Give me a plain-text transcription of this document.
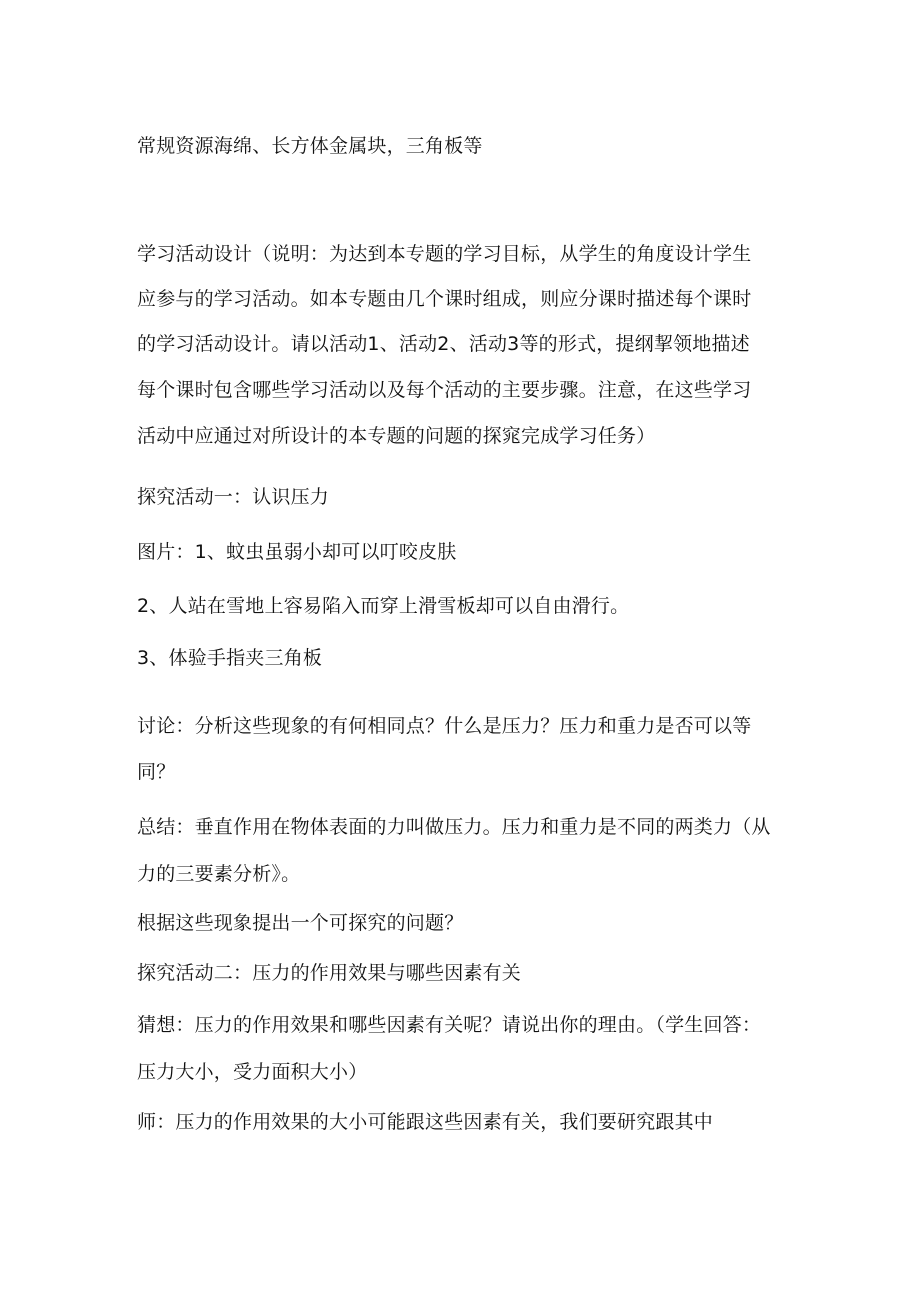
常规资源海绵、长方体金属块，三角板等
学习活动设计（说明：为达到本专题的学习目标，从学生的角度设计学生
应参与的学习活动。如本专题由几个课时组成，则应分课时描述每个课时
的学习活动设计。请以活动1、活动2、活动3等的形式，提纲挈领地描述
每个课时包含哪些学习活动以及每个活动的主要步骤。注意，在这些学习
活动中应通过对所设计的本专题的问题的探窕完成学习任务）
探究活动一：认识压力
图片：1、蚊虫虽弱小却可以叮咬皮肤
2、人站在雪地上容易陷入而穿上滑雪板却可以自由滑行。
3、体验手指夹三角板
讨论：分析这些现象的有何相同点？什么是压力？压力和重力是否可以等
同？
总结：垂直作用在物体表面的力叫做压力。压力和重力是不同的两类力（从
力的三要素分析》。
根据这些现象提出一个可探究的问题？
探究活动二：压力的作用效果与哪些因素有关
猜想：压力的作用效果和哪些因素有关呢？请说出你的理由。（学生回答：
压力大小，受力面积大小）
师：压力的作用效果的大小可能跟这些因素有关，我们要研究跟其中
